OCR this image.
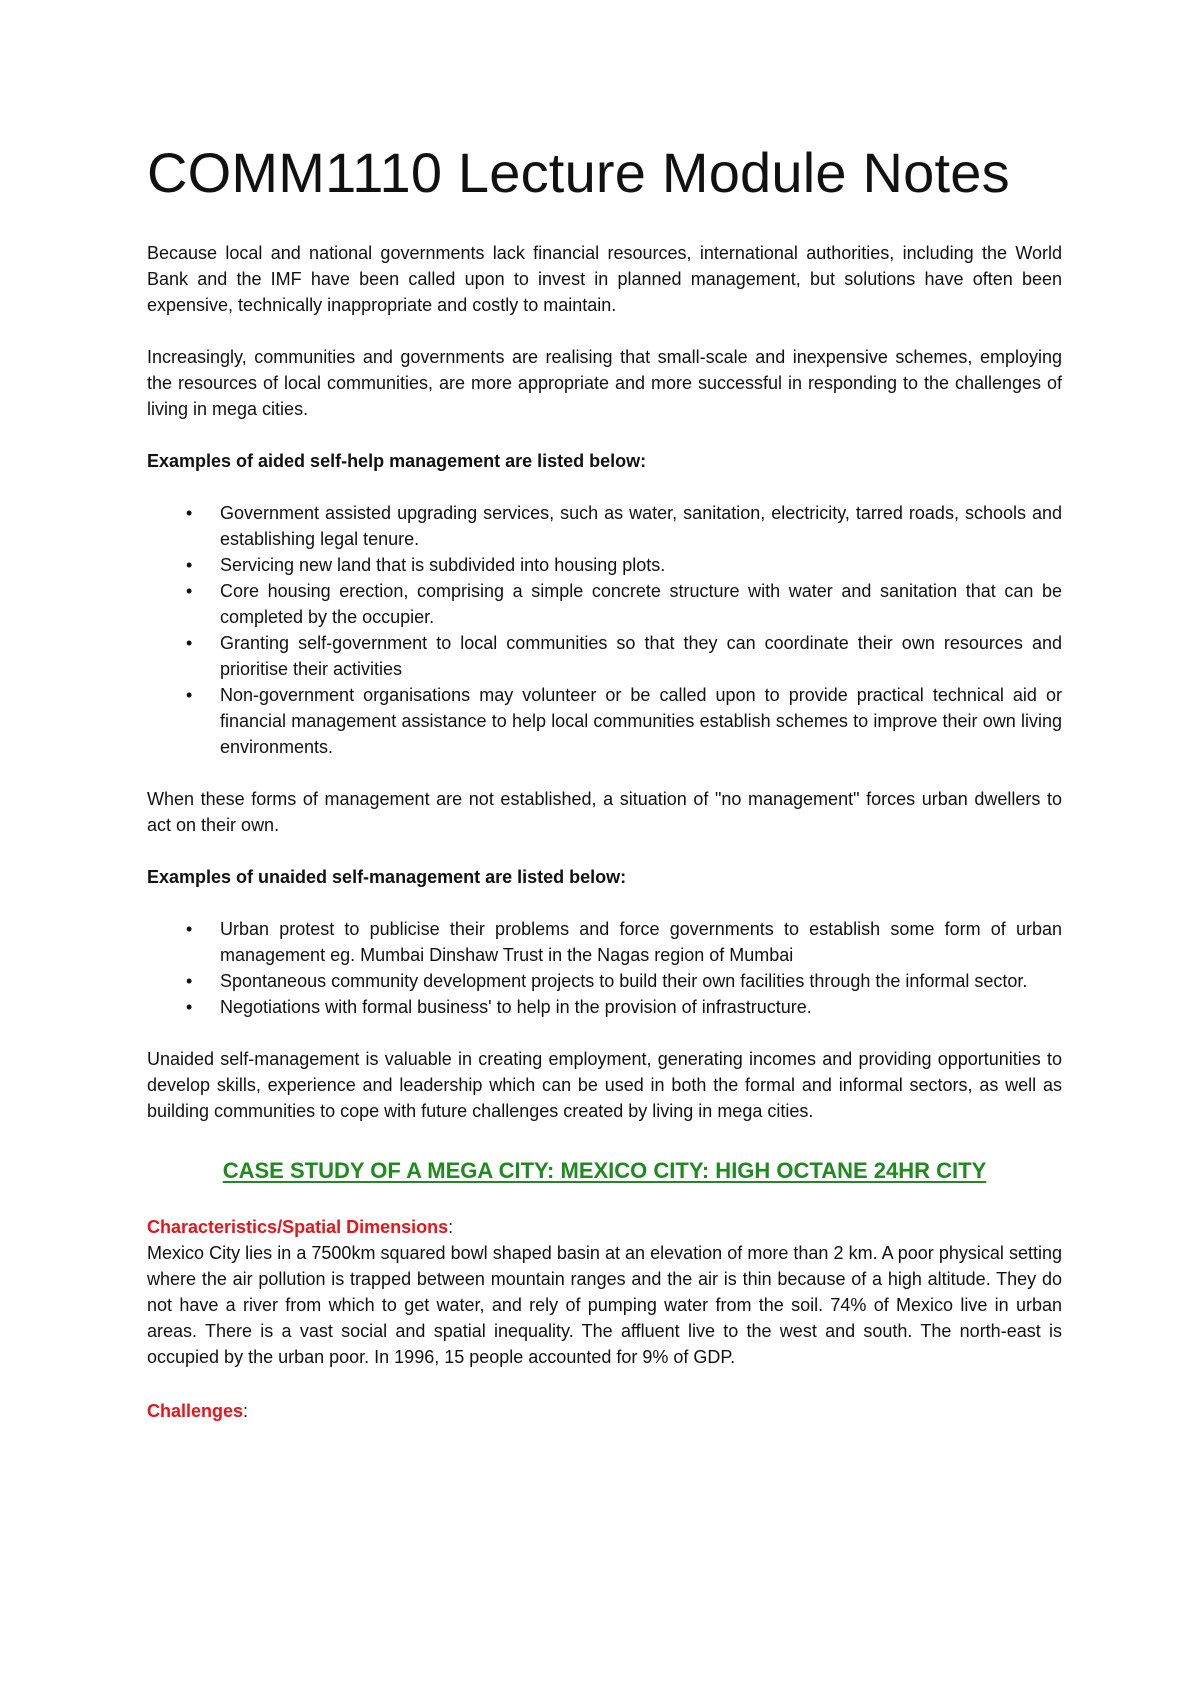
COMM1110 Lecture Module Notes

Because local and national governments lack financial resources, international authorities, including the World Bank and the IMF have been called upon to invest in planned management, but solutions have often been expensive, technically inappropriate and costly to maintain.

Increasingly, communities and governments are realising that small-scale and inexpensive schemes, employing the resources of local communities, are more appropriate and more successful in responding to the challenges of living in mega cities.

Examples of aided self-help management are listed below:

• Government assisted upgrading services, such as water, sanitation, electricity, tarred roads, schools and establishing legal tenure.
• Servicing new land that is subdivided into housing plots.
• Core housing erection, comprising a simple concrete structure with water and sanitation that can be completed by the occupier.
• Granting self-government to local communities so that they can coordinate their own resources and prioritise their activities
• Non-government organisations may volunteer or be called upon to provide practical technical aid or financial management assistance to help local communities establish schemes to improve their own living environments.

When these forms of management are not established, a situation of "no management" forces urban dwellers to act on their own.

Examples of unaided self-management are listed below:

• Urban protest to publicise their problems and force governments to establish some form of urban management eg. Mumbai Dinshaw Trust in the Nagas region of Mumbai
• Spontaneous community development projects to build their own facilities through the informal sector.
• Negotiations with formal business' to help in the provision of infrastructure.

Unaided self-management is valuable in creating employment, generating incomes and providing opportunities to develop skills, experience and leadership which can be used in both the formal and informal sectors, as well as building communities to cope with future challenges created by living in mega cities.

CASE STUDY OF A MEGA CITY: MEXICO CITY: HIGH OCTANE 24HR CITY

Characteristics/Spatial Dimensions:

Mexico City lies in a 7500km squared bowl shaped basin at an elevation of more than 2 km. A poor physical setting where the air pollution is trapped between mountain ranges and the air is thin because of a high altitude. They do not have a river from which to get water, and rely of pumping water from the soil. 74% of Mexico live in urban areas. There is a vast social and spatial inequality. The affluent live to the west and south. The north-east is occupied by the urban poor. In 1996, 15 people accounted for 9% of GDP.

Challenges:
